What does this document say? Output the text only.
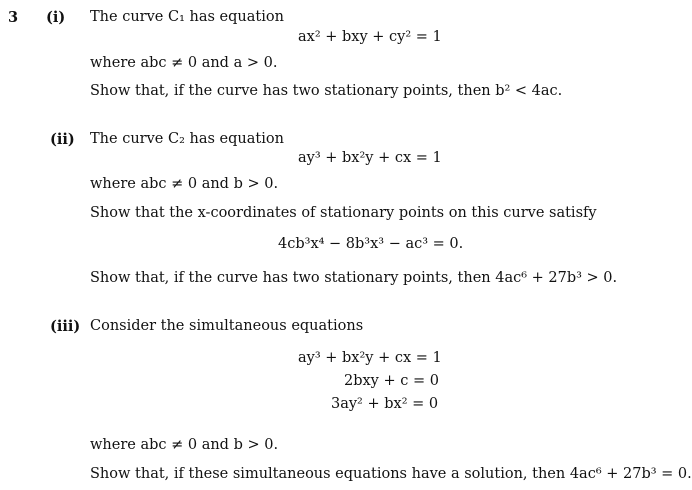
3 (i) The curve C₁ has equation
ax² + bxy + cy² = 1
where abc ≠ 0 and a > 0.
Show that, if the curve has two stationary points, then b² < 4ac.
(ii) The curve C₂ has equation
ay³ + bx²y + cx = 1
where abc ≠ 0 and b > 0.
Show that the x-coordinates of stationary points on this curve satisfy
4cb³x⁴ − 8b³x³ − ac³ = 0.
Show that, if the curve has two stationary points, then 4ac⁶ + 27b³ > 0.
(iii) Consider the simultaneous equations
ay³ + bx²y + cx = 1
2bxy + c = 0
3ay² + bx² = 0
where abc ≠ 0 and b > 0.
Show that, if these simultaneous equations have a solution, then 4ac⁶ + 27b³ = 0.
